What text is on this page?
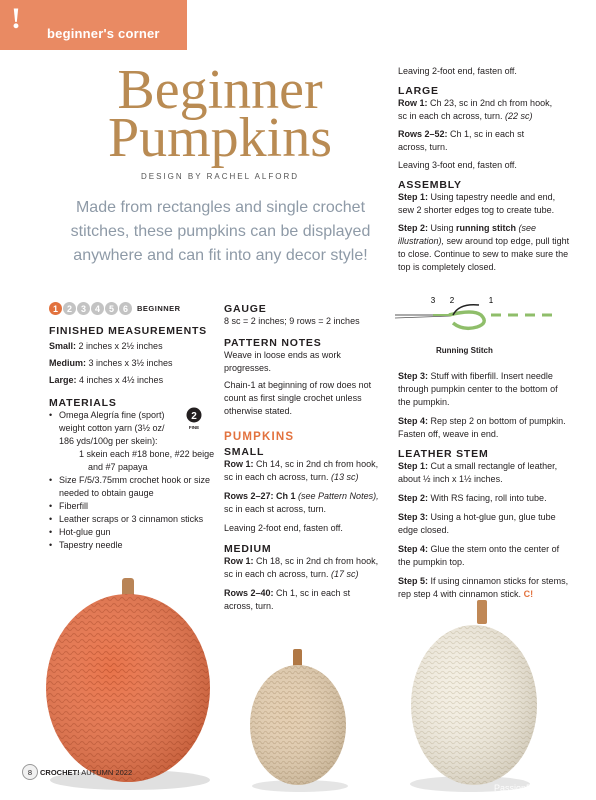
! beginner's corner
Beginner
Pumpkins
DESIGN BY RACHEL ALFORD
Made from rectangles and single crochet stitches, these pumpkins can be displayed anywhere and can fit into any decor style!
1 2 3 4 5 6	BEGINNER
FINISHED MEASUREMENTS
Small: 2 inches x 2½ inches
Medium: 3 inches x 3½ inches
Large: 4 inches x 4½ inches
MATERIALS
• Omega Alegría fine (sport)
weight cotton yarn (3½ oz/
186 yds/100g per skein):
1 skein each #18 bone, #22 beige
and #7 papaya
• Size F/5/3.75mm crochet hook or size
needed to obtain gauge
• Fiberfill
• Leather scraps or 3 cinnamon sticks
• Hot-glue gun
• Tapestry needle
2
FINE
GAUGE
8 sc = 2 inches; 9 rows = 2 inches
PATTERN NOTES
Weave in loose ends as work progresses.
Chain-1 at beginning of row does not
count as first single crochet unless
otherwise stated.
PUMPKINS
SMALL
Row 1: Ch 14, sc in 2nd ch from hook,
sc in each ch across, turn. (13 sc)
Rows 2–27: Ch 1 (see Pattern Notes),
sc in each st across, turn.
Leaving 2-foot end, fasten off.
MEDIUM
Row 1: Ch 18, sc in 2nd ch from hook,
sc in each ch across, turn. (17 sc)
Rows 2–40: Ch 1, sc in each st
across, turn.
Leaving 2-foot end, fasten off.
LARGE
Row 1: Ch 23, sc in 2nd ch from hook,
sc in each ch across, turn. (22 sc)
Rows 2–52: Ch 1, sc in each st
across, turn.
Leaving 3-foot end, fasten off.
ASSEMBLY
Step 1: Using tapestry needle and end,
sew 2 shorter edges tog to create tube.
Step 2: Using running stitch (see
illustration), sew around top edge, pull tight
to close. Continue to sew to make sure the
top is completely closed.
3 2	1
Running Stitch
Step 3: Stuff with fiberfill. Insert needle
through pumpkin center to the bottom of
the pumpkin.
Step 4: Rep step 2 on bottom of pumpkin.
Fasten off, weave in end.
LEATHER STEM
Step 1: Cut a small rectangle of leather,
about ½ inch x 1½ inches.
Step 2: With RS facing, roll into tube.
Step 3: Using a hot-glue gun, glue tube
edge closed.
Step 4: Glue the stem onto the center of
the pumpkin top.
Step 5: If using cinnamon sticks for stems,
rep step 4 with cinnamon stick. C!
8	CROCHET! AUTUMN 2022
PassionForum.ru
